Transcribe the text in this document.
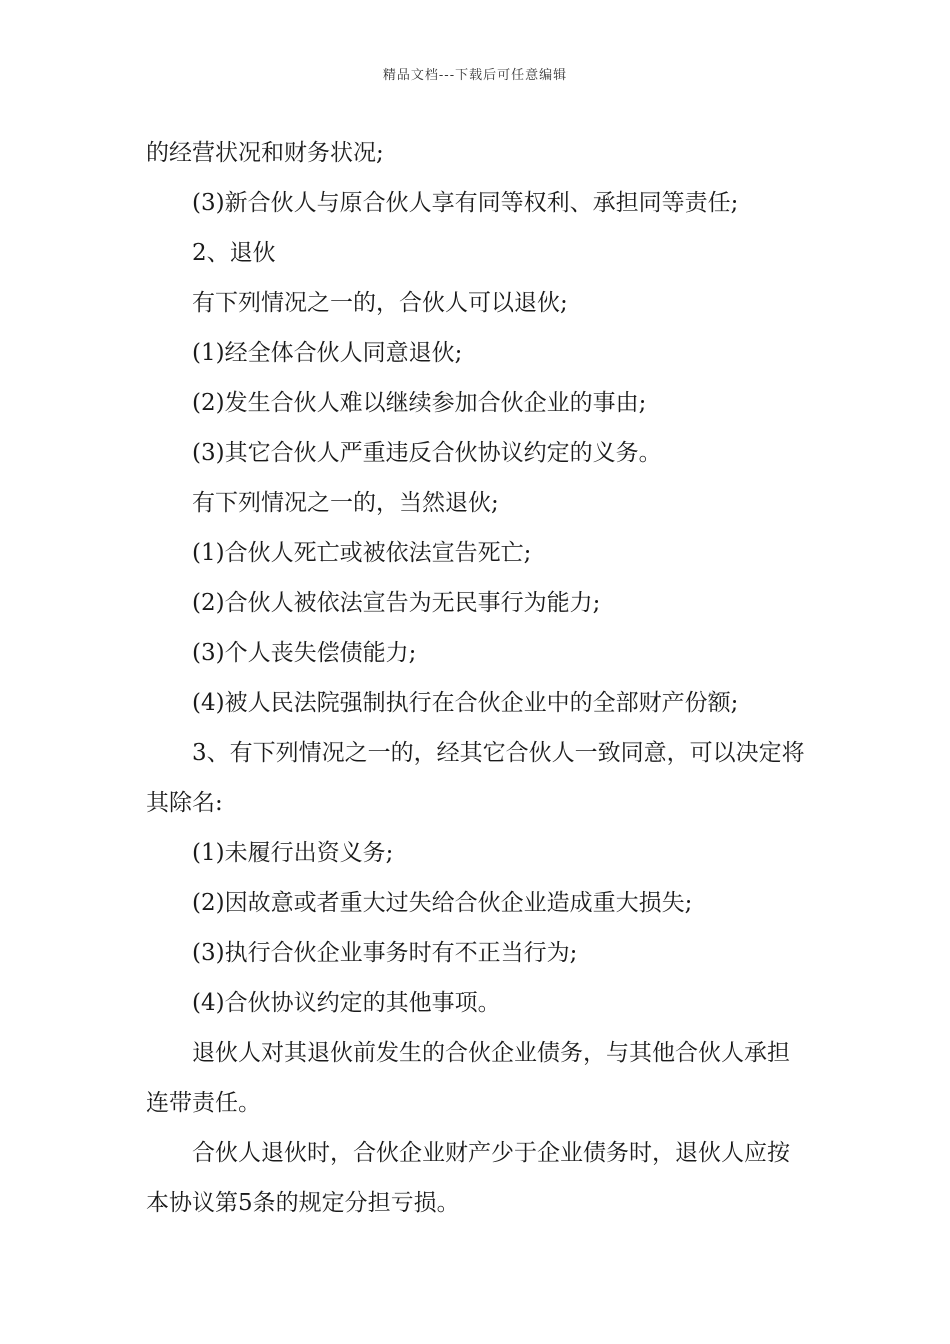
精品文档---下载后可任意编辑

的经营状况和财务状况;

(3)新合伙人与原合伙人享有同等权利、承担同等责任;

2、退伙

有下列情况之一的，合伙人可以退伙;

(1)经全体合伙人同意退伙;

(2)发生合伙人难以继续参加合伙企业的事由;

(3)其它合伙人严重违反合伙协议约定的义务。

有下列情况之一的，当然退伙;

(1)合伙人死亡或被依法宣告死亡;

(2)合伙人被依法宣告为无民事行为能力;

(3)个人丧失偿债能力;

(4)被人民法院强制执行在合伙企业中的全部财产份额;

3、有下列情况之一的，经其它合伙人一致同意，可以决定将其除名:

(1)未履行出资义务;

(2)因故意或者重大过失给合伙企业造成重大损失;

(3)执行合伙企业事务时有不正当行为;

(4)合伙协议约定的其他事项。

退伙人对其退伙前发生的合伙企业债务，与其他合伙人承担连带责任。

合伙人退伙时，合伙企业财产少于企业债务时，退伙人应按本协议第5条的规定分担亏损。
